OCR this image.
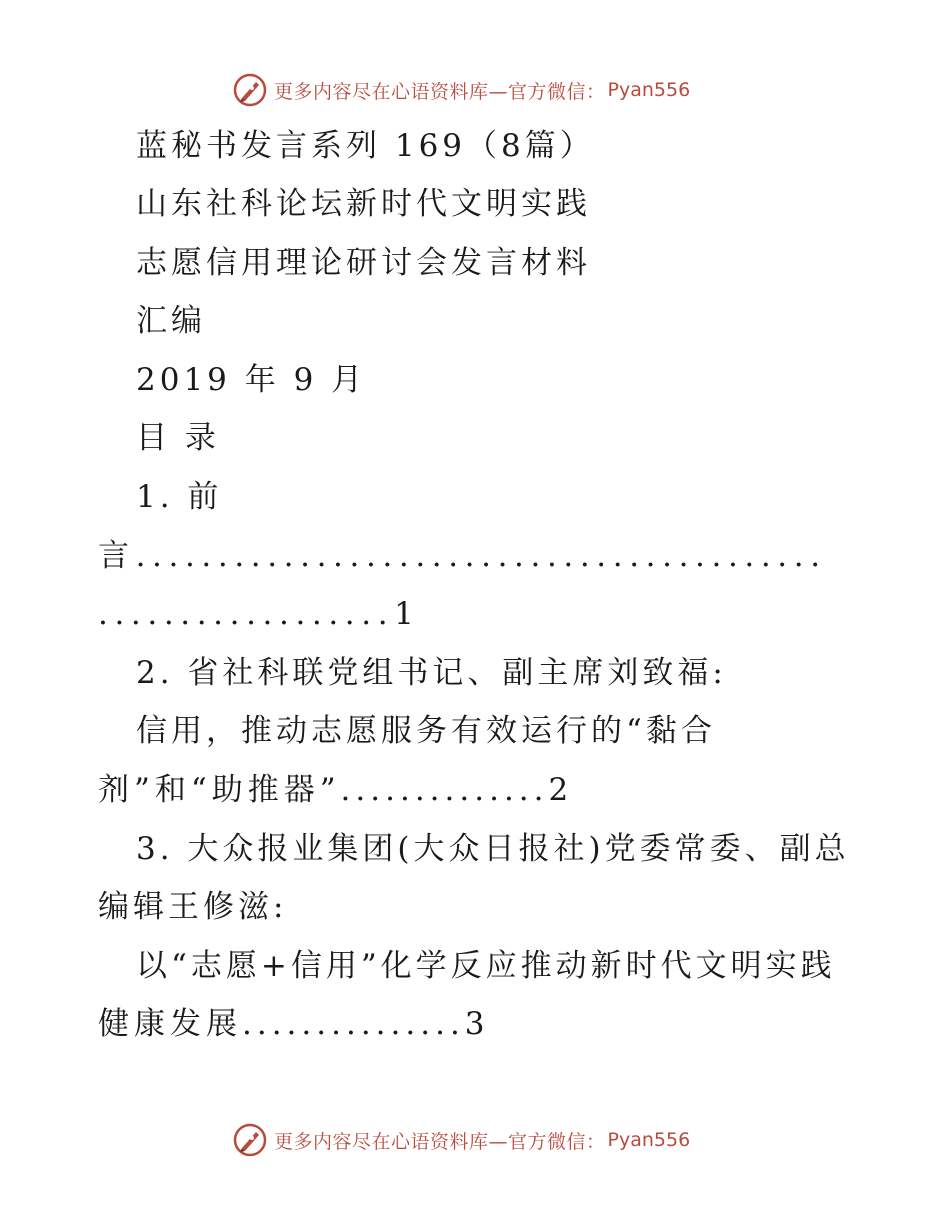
更多内容尽在心语资料库—官方微信： Pyan556
蓝秘书发言系列 169（8篇）
山东社科论坛新时代文明实践
志愿信用理论研讨会发言材料
汇编
2019 年 9 月
目 录
1. 前
言..........................................
..................1
2. 省社科联党组书记、副主席刘致福:
信用，推动志愿服务有效运行的“黏合
剂”和“助推器”..............2
3. 大众报业集团(大众日报社)党委常委、副总
编辑王修滋:
以“志愿+信用”化学反应推动新时代文明实践
健康发展...............3
更多内容尽在心语资料库—官方微信： Pyan556
